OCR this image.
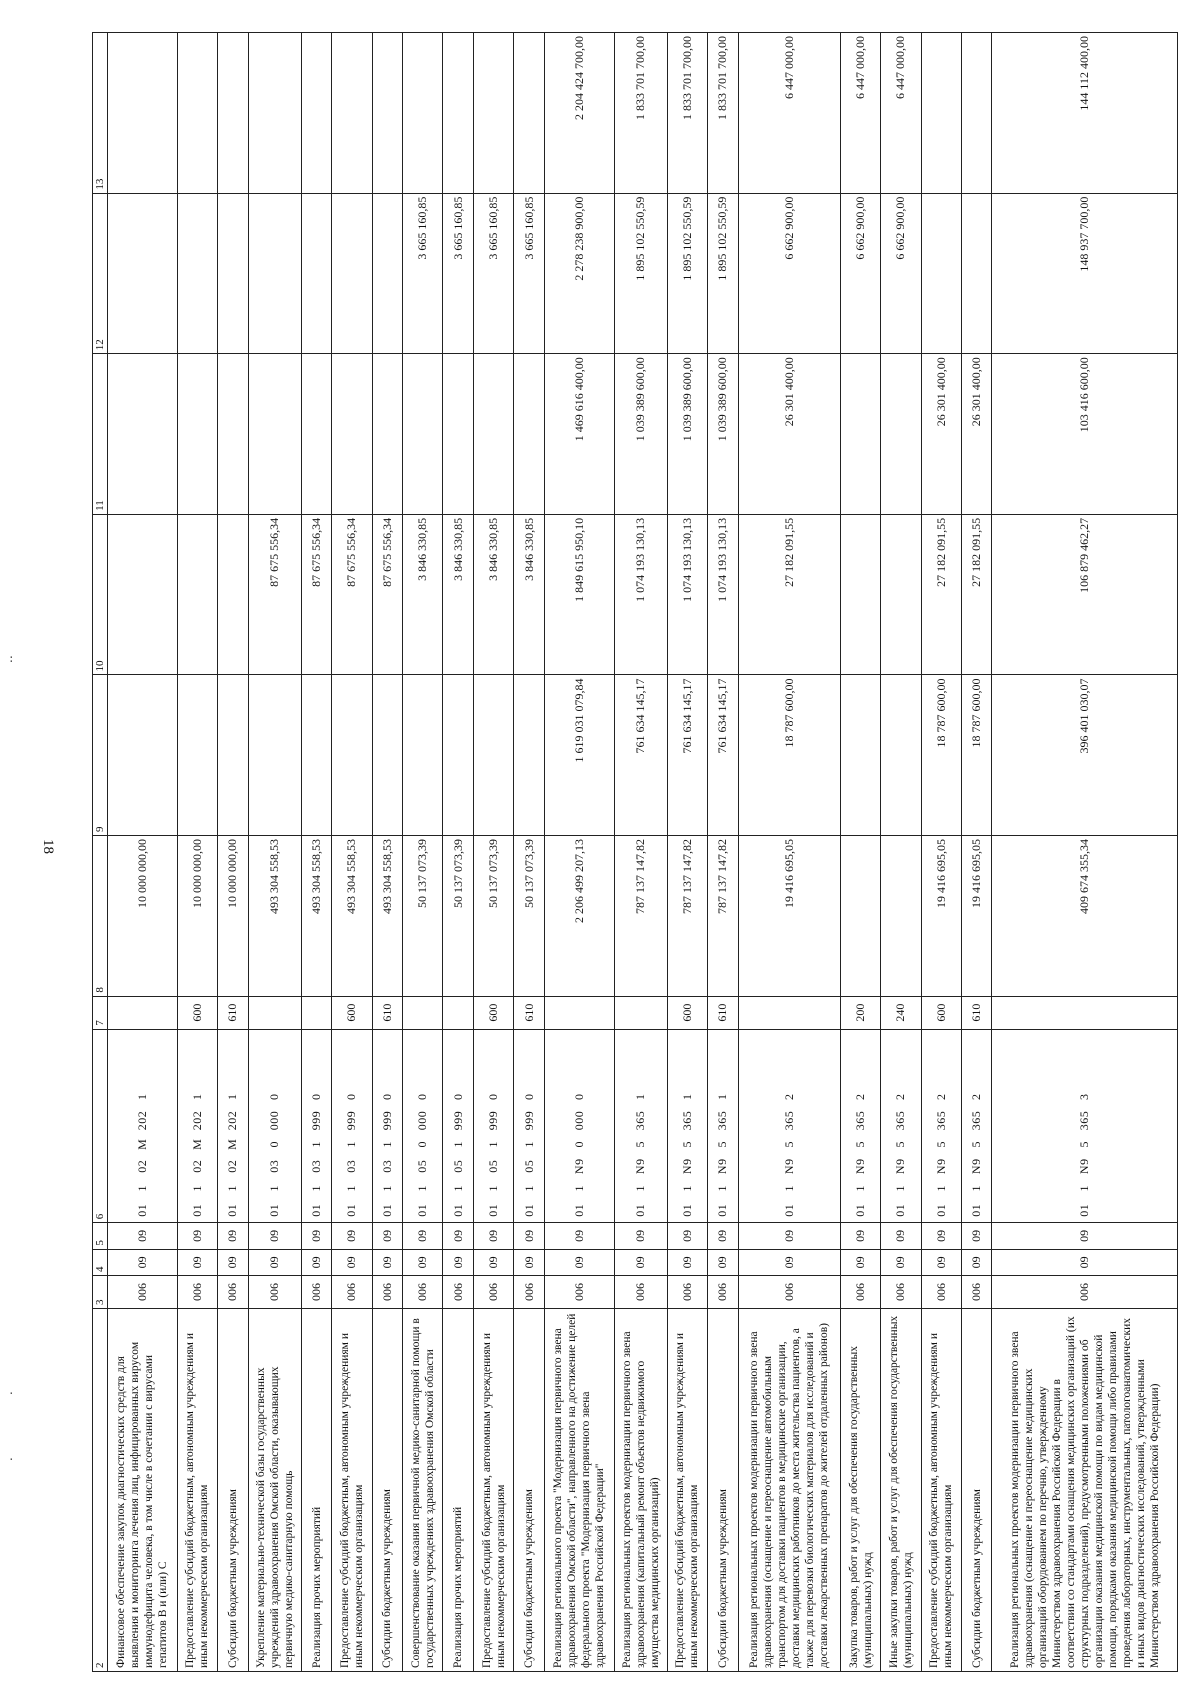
:
.
.
18
2	3	4	5	6	7	8	9	10	11	12	13
Финансовое обеспечение закупок диагностических средств для выявления и мониторинга лечения лиц, инфицированных вирусом иммунодефицита человека, в том числе в сочетании с вирусами гепатитов В и (или) С	006	09	09	01102М2021		10 000 000,00					
Предоставление субсидий бюджетным, автономным учреждениям и иным некоммерческим организациям	006	09	09	01102М2021	600	10 000 000,00					
Субсидии бюджетным учреждениям	006	09	09	01102М2021	610	10 000 000,00					
Укрепление материально-технической базы государственных учреждений здравоохранения Омской области, оказывающих первичную медико-санитарную помощь	006	09	09	0110300000		493 304 558,53		87 675 556,34			
Реализация прочих мероприятий	006	09	09	0110319990		493 304 558,53		87 675 556,34			
Предоставление субсидий бюджетным, автономным учреждениям и иным некоммерческим организациям	006	09	09	0110319990	600	493 304 558,53		87 675 556,34			
Субсидии бюджетным учреждениям	006	09	09	0110319990	610	493 304 558,53		87 675 556,34			
Совершенствование оказания первичной медико-санитарной помощи в государственных учреждениях здравоохранения Омской области	006	09	09	0110500000		50 137 073,39		3 846 330,85		3 665 160,85	
Реализация прочих мероприятий	006	09	09	0110519990		50 137 073,39		3 846 330,85		3 665 160,85	
Предоставление субсидий бюджетным, автономным учреждениям и иным некоммерческим организациям	006	09	09	0110519990	600	50 137 073,39		3 846 330,85		3 665 160,85	
Субсидии бюджетным учреждениям	006	09	09	0110519990	610	50 137 073,39		3 846 330,85		3 665 160,85	
Реализация регионального проекта "Модернизация первичного звена здравоохранения Омской области", направленного на достижение целей федерального проекта "Модернизация первичного звена здравоохранения Российской Федерации"	006	09	09	011N900000		2 206 499 207,13	1 619 031 079,84	1 849 615 950,10	1 469 616 400,00	2 278 238 900,00	2 204 424 700,00
Реализация региональных проектов модернизации первичного звена здравоохранения (капитальный ремонт объектов недвижимого имущества медицинских организаций)	006	09	09	011N953651		787 137 147,82	761 634 145,17	1 074 193 130,13	1 039 389 600,00	1 895 102 550,59	1 833 701 700,00
Предоставление субсидий бюджетным, автономным учреждениям и иным некоммерческим организациям	006	09	09	011N953651	600	787 137 147,82	761 634 145,17	1 074 193 130,13	1 039 389 600,00	1 895 102 550,59	1 833 701 700,00
Субсидии бюджетным учреждениям	006	09	09	011N953651	610	787 137 147,82	761 634 145,17	1 074 193 130,13	1 039 389 600,00	1 895 102 550,59	1 833 701 700,00
Реализация региональных проектов модернизации первичного звена здравоохранения (оснащение и переоснащение автомобильным транспортом для доставки пациентов в медицинские организации, доставки медицинских работников до места жительства пациентов, а также для перевозки биологических материалов для исследований и доставки лекарственных препаратов до жителей отдаленных районов)	006	09	09	011N953652		19 416 695,05	18 787 600,00	27 182 091,55	26 301 400,00	6 662 900,00	6 447 000,00
Закупка товаров, работ и услуг для обеспечения государственных (муниципальных) нужд	006	09	09	011N953652	200					6 662 900,00	6 447 000,00
Иные закупки товаров, работ и услуг для обеспечения государственных (муниципальных) нужд	006	09	09	011N953652	240					6 662 900,00	6 447 000,00
Предоставление субсидий бюджетным, автономным учреждениям и иным некоммерческим организациям	006	09	09	011N953652	600	19 416 695,05	18 787 600,00	27 182 091,55	26 301 400,00		
Субсидии бюджетным учреждениям	006	09	09	011N953652	610	19 416 695,05	18 787 600,00	27 182 091,55	26 301 400,00		
Реализация региональных проектов модернизации первичного звена здравоохранения (оснащение и переоснащение медицинских организаций оборудованием по перечню, утвержденному Министерством здравоохранения Российской Федерации в соответствии со стандартами оснащения медицинских организаций (их структурных подразделений), предусмотренными положениями об организации оказания медицинской помощи по видам медицинской помощи, порядками оказания медицинской помощи либо правилами проведения лабораторных, инструментальных, патологоанатомических и иных видов диагностических исследований, утвержденными Министерством здравоохранения Российской Федерации)	006	09	09	011N953653		409 674 355,34	396 401 030,07	106 879 462,27	103 416 600,00	148 937 700,00	144 112 400,00
